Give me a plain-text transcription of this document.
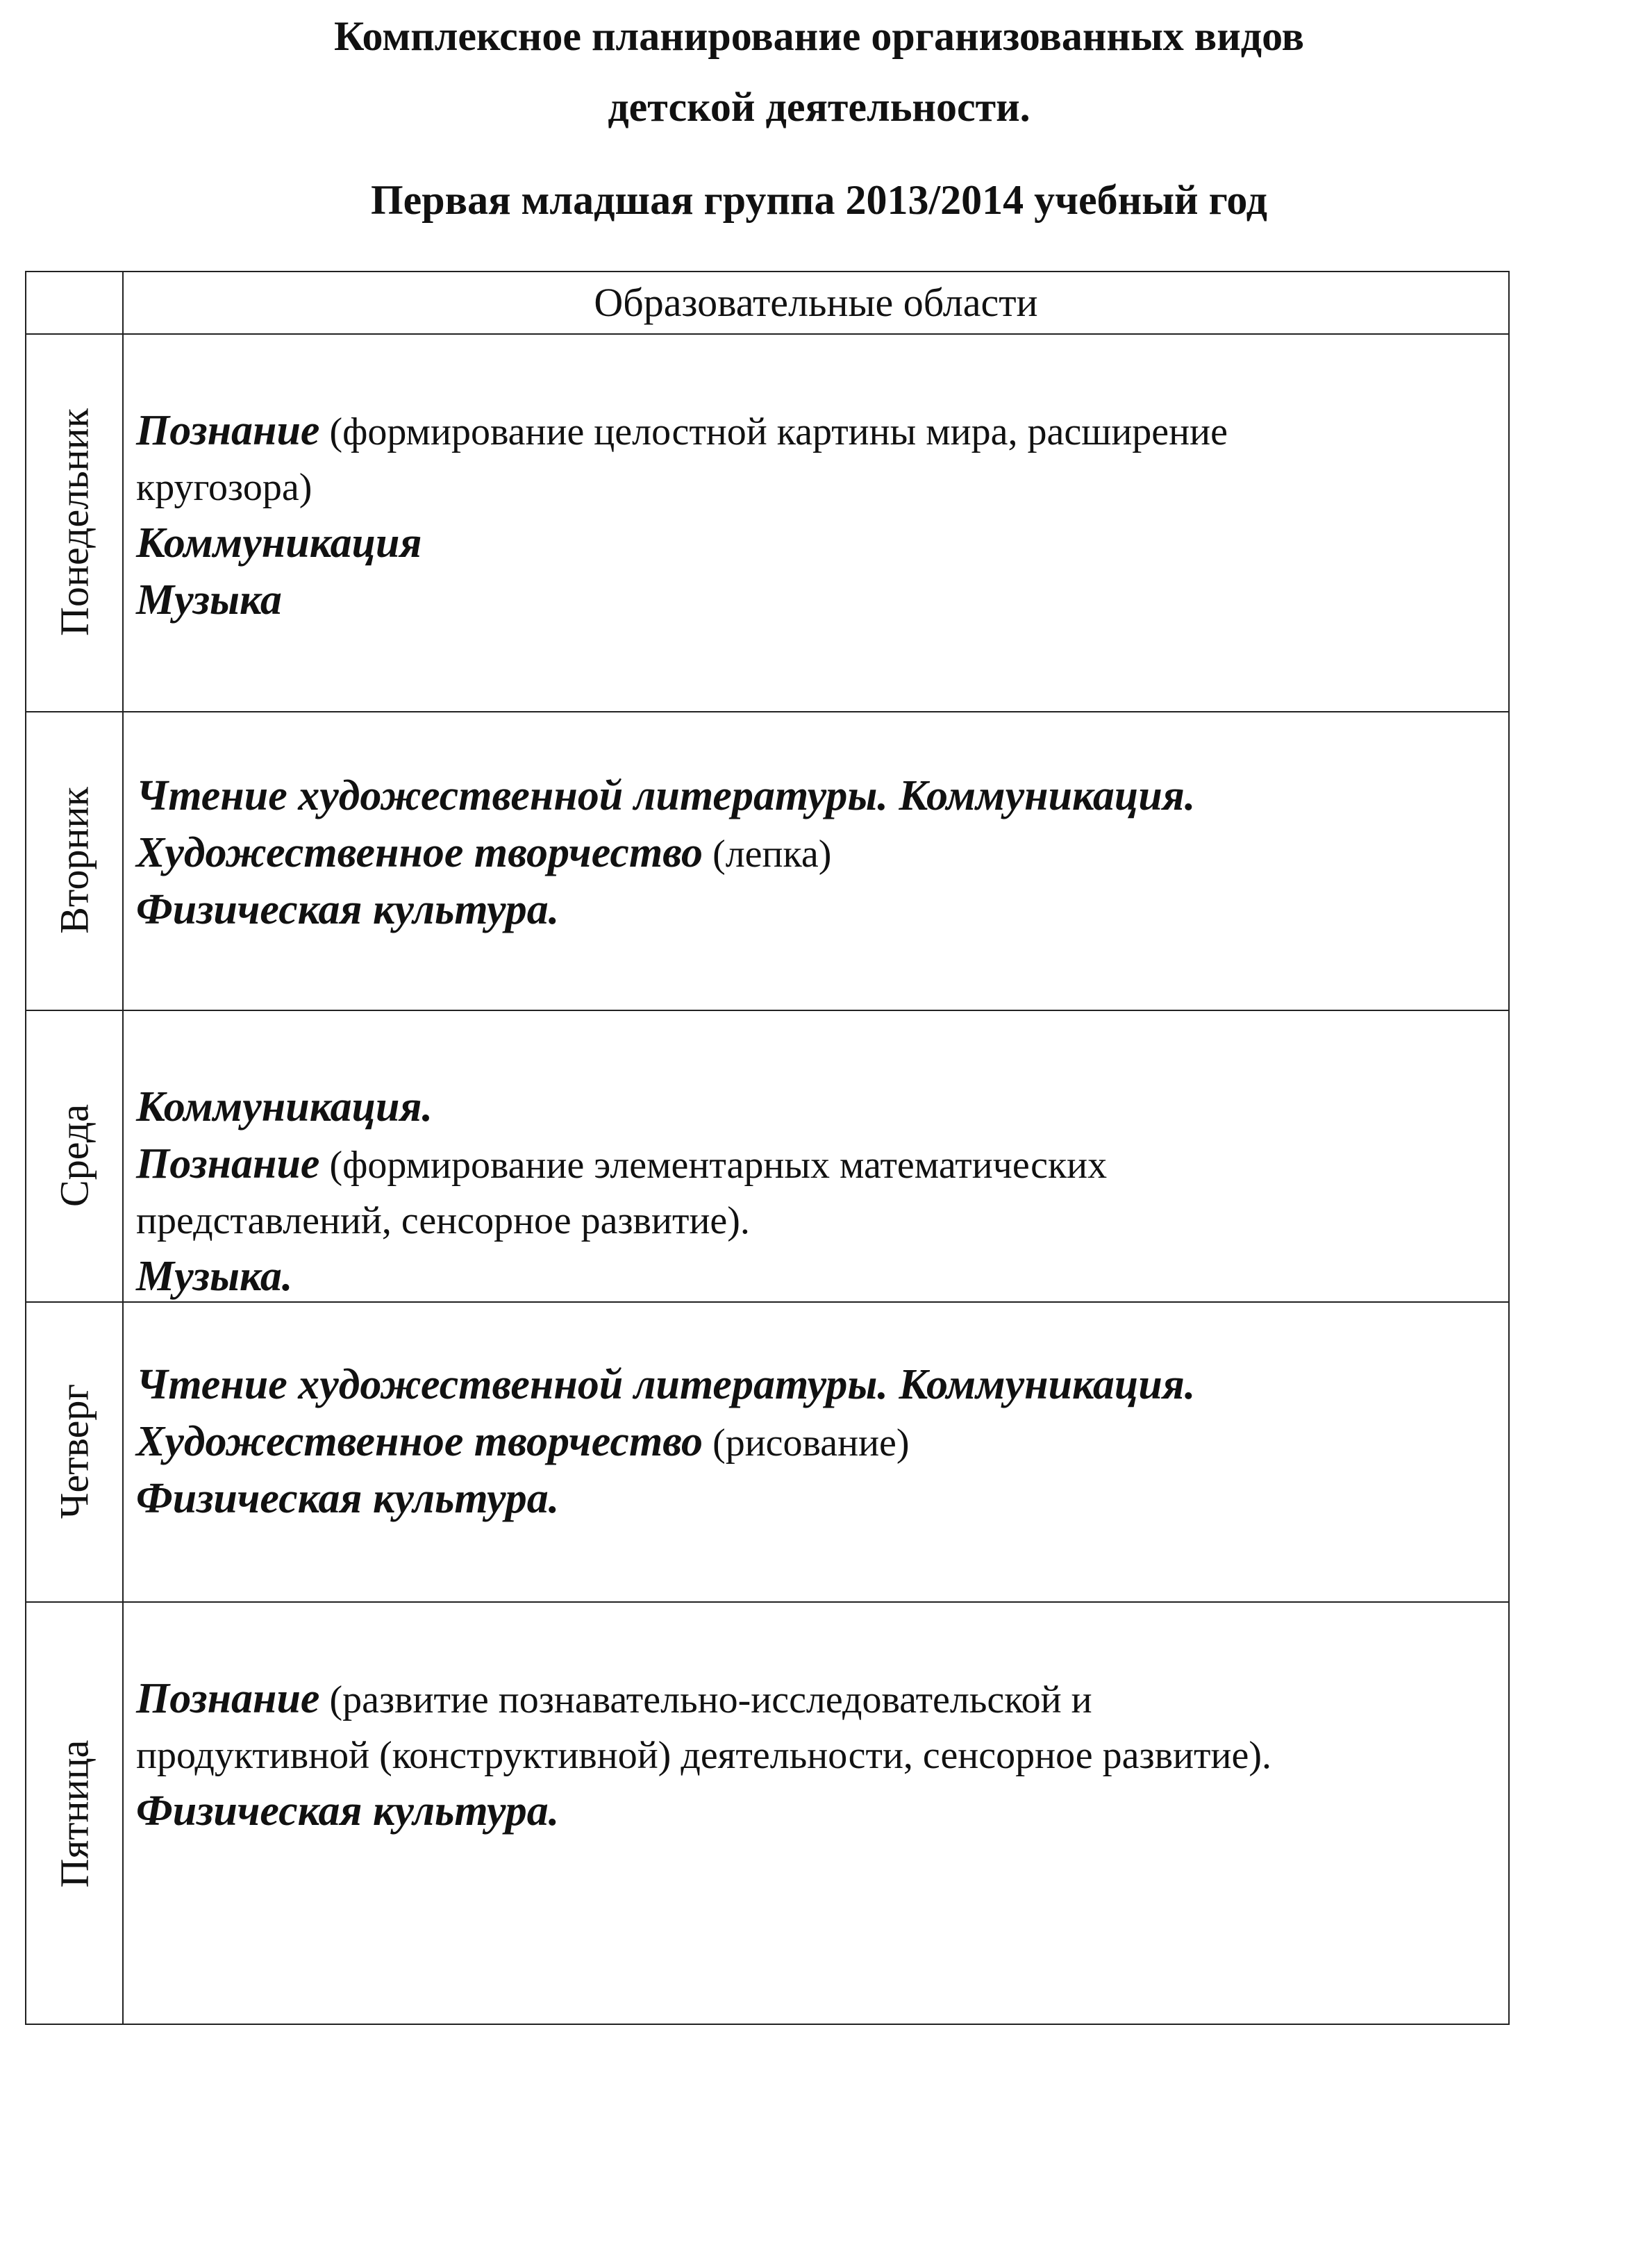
Комплексное планирование организованных видов
детской деятельности.
Первая младшая группа 2013/2014 учебный год
Образовательные области
Понедельник Познание (формирование целостной картины мира, расширение
кругозора)
Коммуникация
Музыка
Вторник Чтение художественной литературы. Коммуникация.
Художественное творчество (лепка)
Физическая культура.
Среда Коммуникация.
Познание (формирование элементарных математических
представлений, сенсорное развитие).
Музыка.
Четверг Чтение художественной литературы. Коммуникация.
Художественное творчество (рисование)
Физическая культура.
Пятница
Познание (развитие познавательно-исследовательской и
продуктивной (конструктивной) деятельности, сенсорное развитие).
Физическая культура.
